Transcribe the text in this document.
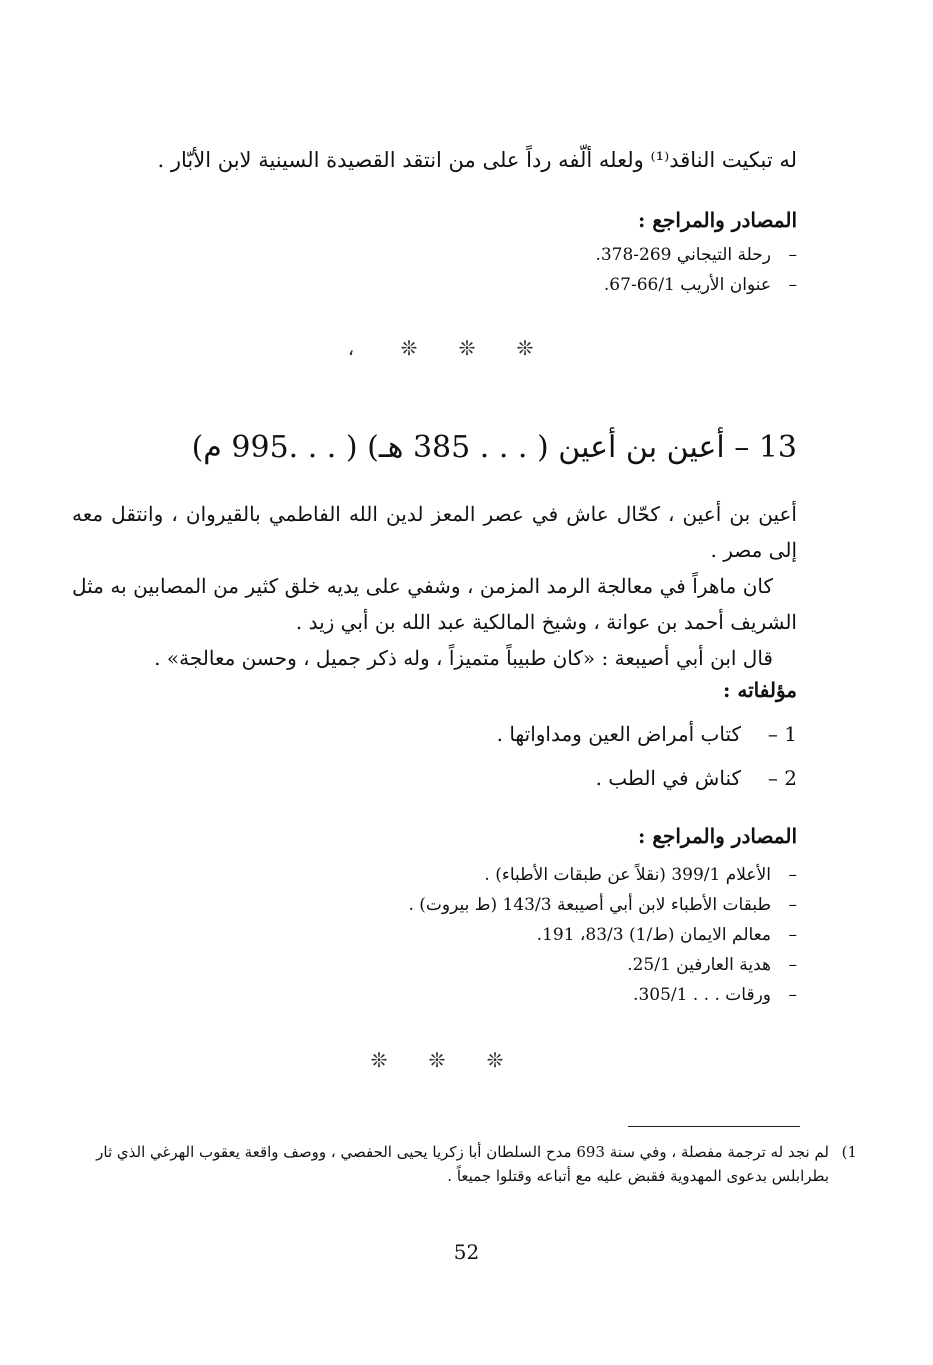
له تبكيت الناقد⁽¹⁾ ولعله ألّفه رداً على من انتقد القصيدة السينية لابن الأبّار .
المصادر والمراجع :
–رحلة التيجاني 269-378.
–عنوان الأريب 66/1-67.
، ❊ ❊ ❊
13 – أعين بن أعين ( . . . 385 هـ) ( . . .995 م)
أعين بن أعين ، كحّال عاش في عصر المعز لدين الله الفاطمي بالقيروان ، وانتقل معه إلى مصر .
كان ماهراً في معالجة الرمد المزمن ، وشفي على يديه خلق كثير من المصابين به مثل الشريف أحمد بن عوانة ، وشيخ المالكية عبد الله بن أبي زيد .
قال ابن أبي أصيبعة : «كان طبيباً متميزاً ، وله ذكر جميل ، وحسن معالجة» .
مؤلفاته :
1 –كتاب أمراض العين ومداواتها .
2 –كناش في الطب .
المصادر والمراجع :
–الأعلام 399/1 (نقلاً عن طبقات الأطباء) .
–طبقات الأطباء لابن أبي أصيبعة 143/3 (ط بيروت) .
–معالم الايمان (ط/1) 83/3، 191.
–هدية العارفين 25/1.
–ورقات . . . 305/1.
❊ ❊ ❊
1)
لم نجد له ترجمة مفصلة ، وفي سنة 693 مدح السلطان أبا زكريا يحيى الحفصي ، ووصف واقعة يعقوب الهرغي الذي ثار بطرابلس بدعوى المهدوية فقبض عليه مع أتباعه وقتلوا جميعاً .
52
